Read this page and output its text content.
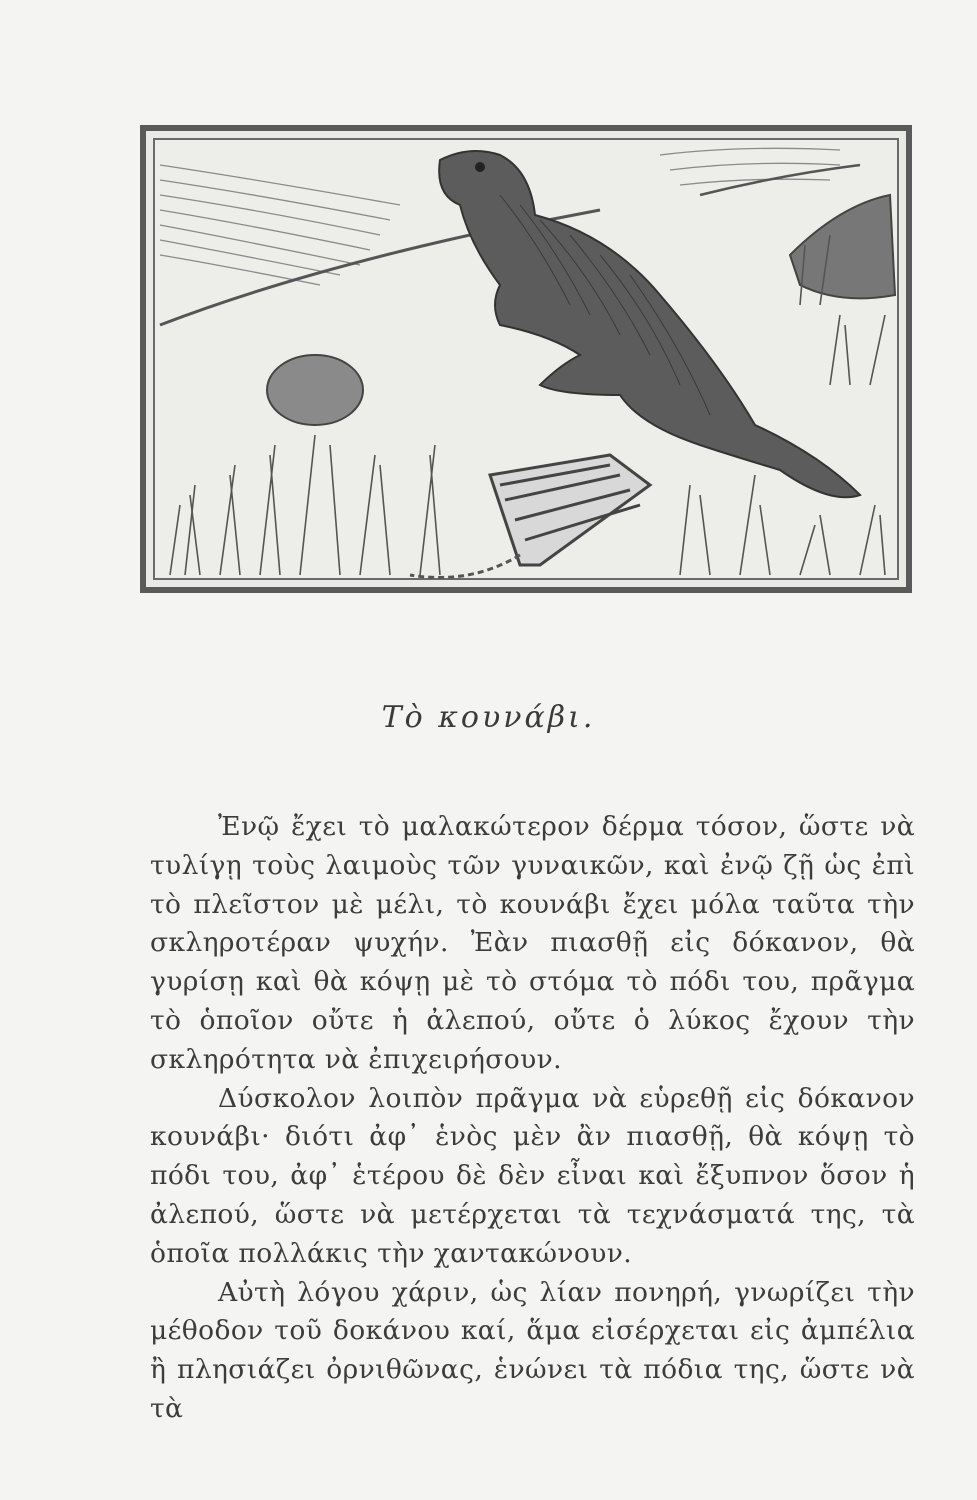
Τὸ κουνάβι.

Ἐνῷ ἔχει τὸ μαλακώτερον δέρμα τόσον, ὥστε νὰ τυλίγῃ τοὺς λαιμοὺς τῶν γυναικῶν, καὶ ἐνῷ ζῇ ὡς ἐπὶ τὸ πλεῖστον μὲ μέλι, τὸ κουνάβι ἔχει μόλα ταῦτα τὴν σκληροτέραν ψυχήν. Ἐὰν πιασθῇ εἰς δόκανον, θὰ γυρίσῃ καὶ θὰ κόψῃ μὲ τὸ στόμα τὸ πόδι του, πρᾶγμα τὸ ὁποῖον οὔτε ἡ ἀλεπού, οὔτε ὁ λύκος ἔχουν τὴν σκληρότητα νὰ ἐπιχειρήσουν.

Δύσκολον λοιπὸν πρᾶγμα νὰ εὑρεθῇ εἰς δόκανον κουνάβι· διότι ἀφ᾽ ἑνὸς μὲν ἂν πιασθῇ, θὰ κόψῃ τὸ πόδι του, ἀφ᾽ ἑτέρου δὲ δὲν εἶναι καὶ ἔξυπνον ὅσον ἡ ἀλεπού, ὥστε νὰ μετέρχεται τὰ τεχνάσματά της, τὰ ὁποῖα πολλάκις τὴν χαντακώνουν.

Αὐτὴ λόγου χάριν, ὡς λίαν πονηρή, γνωρίζει τὴν μέθοδον τοῦ δοκάνου καί, ἅμα εἰσέρχεται εἰς ἀμπέλια ἢ πλησιάζει ὀρνιθῶνας, ἑνώνει τὰ πόδια της, ὥστε νὰ τὰ
